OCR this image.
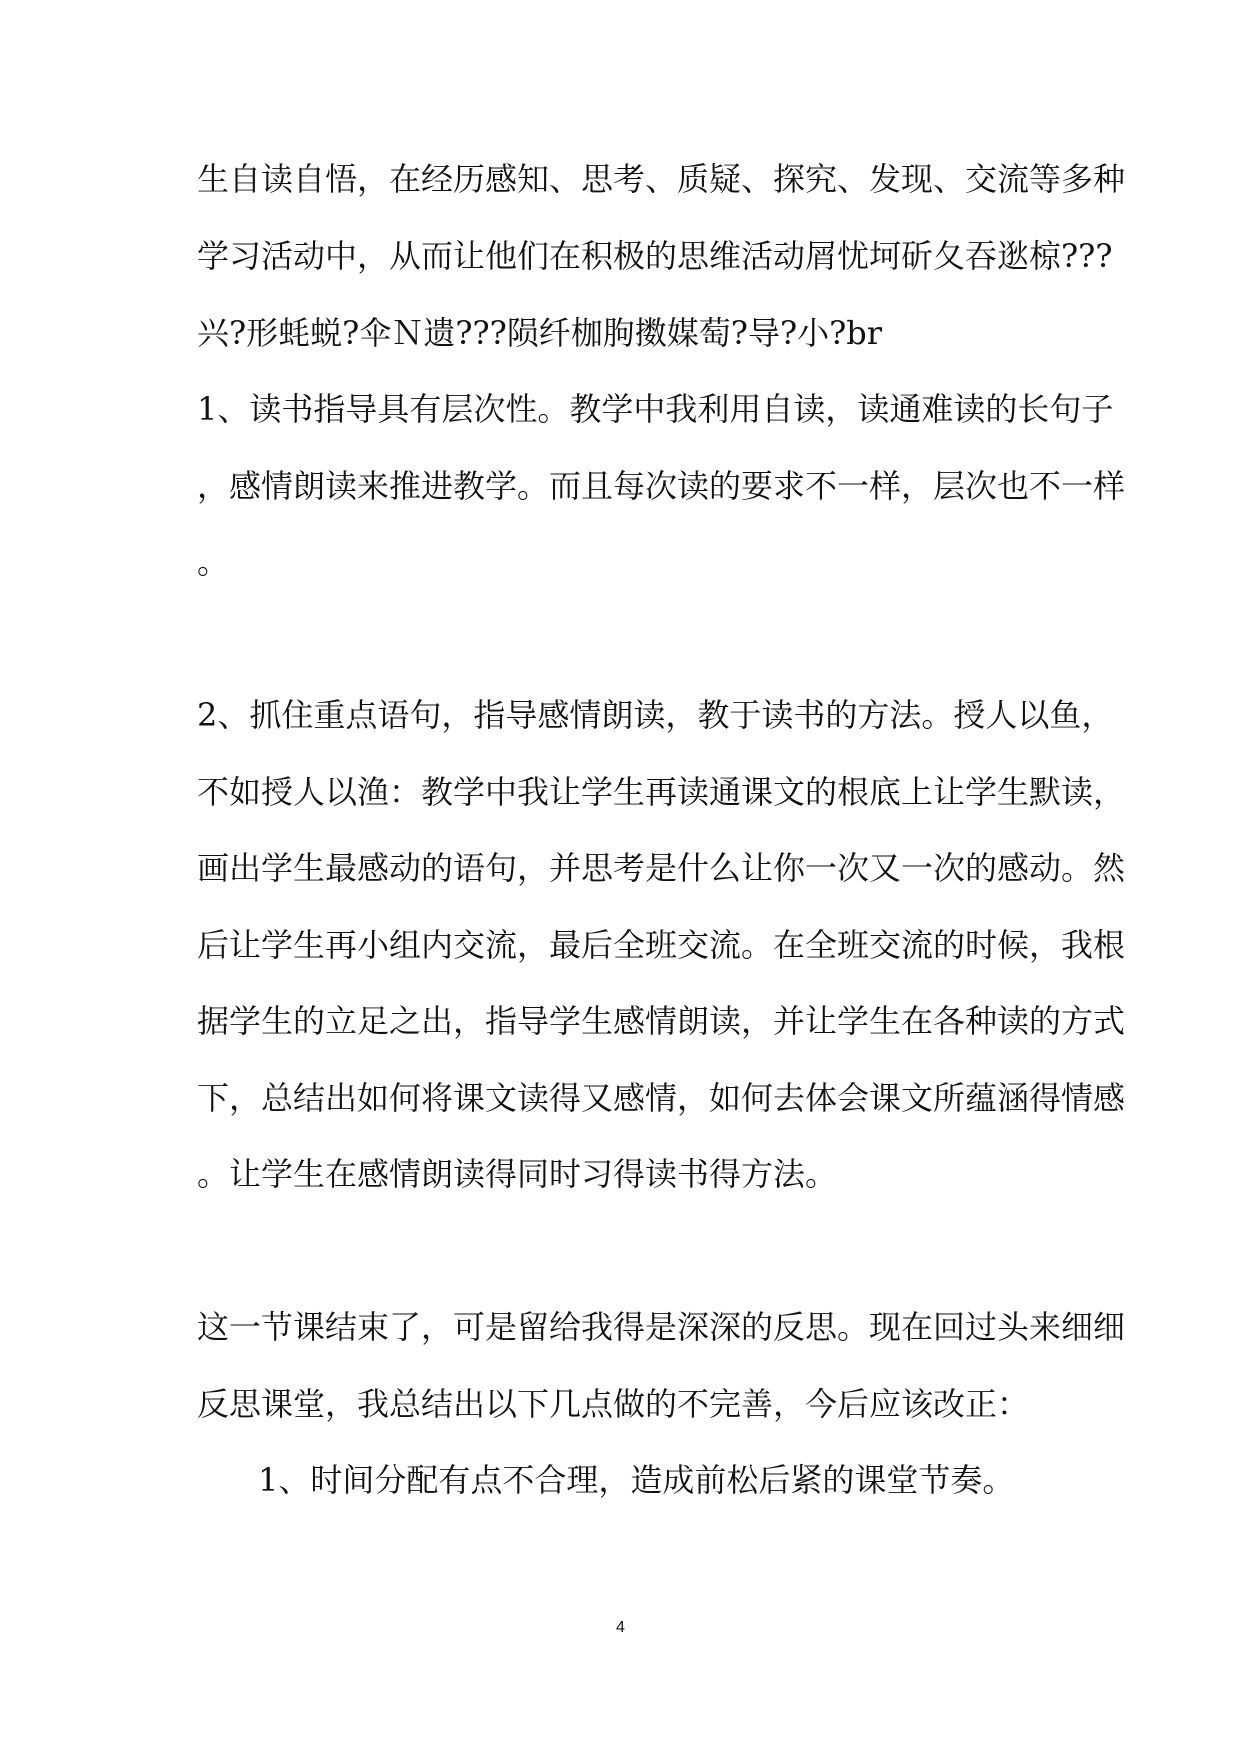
生自读自悟，在经历感知、思考、质疑、探究、发现、交流等多种
学习活动中，从而让他们在积极的思维活动屑忧坷斫夂吞逖椋???
兴?形蚝蜕?伞Ｎ遗???陨纤枷朐擞媒萄?导?小?br
1、读书指导具有层次性。教学中我利用自读，读通难读的长句子
，感情朗读来推进教学。而且每次读的要求不一样，层次也不一样
。
2、抓住重点语句，指导感情朗读，教于读书的方法。授人以鱼，
不如授人以渔：教学中我让学生再读通课文的根底上让学生默读，
画出学生最感动的语句，并思考是什么让你一次又一次的感动。然
后让学生再小组内交流，最后全班交流。在全班交流的时候，我根
据学生的立足之出，指导学生感情朗读，并让学生在各种读的方式
下，总结出如何将课文读得又感情，如何去体会课文所蕴涵得情感
。让学生在感情朗读得同时习得读书得方法。
这一节课结束了，可是留给我得是深深的反思。现在回过头来细细
反思课堂，我总结出以下几点做的不完善，今后应该改正：
1、时间分配有点不合理，造成前松后紧的课堂节奏。
4
